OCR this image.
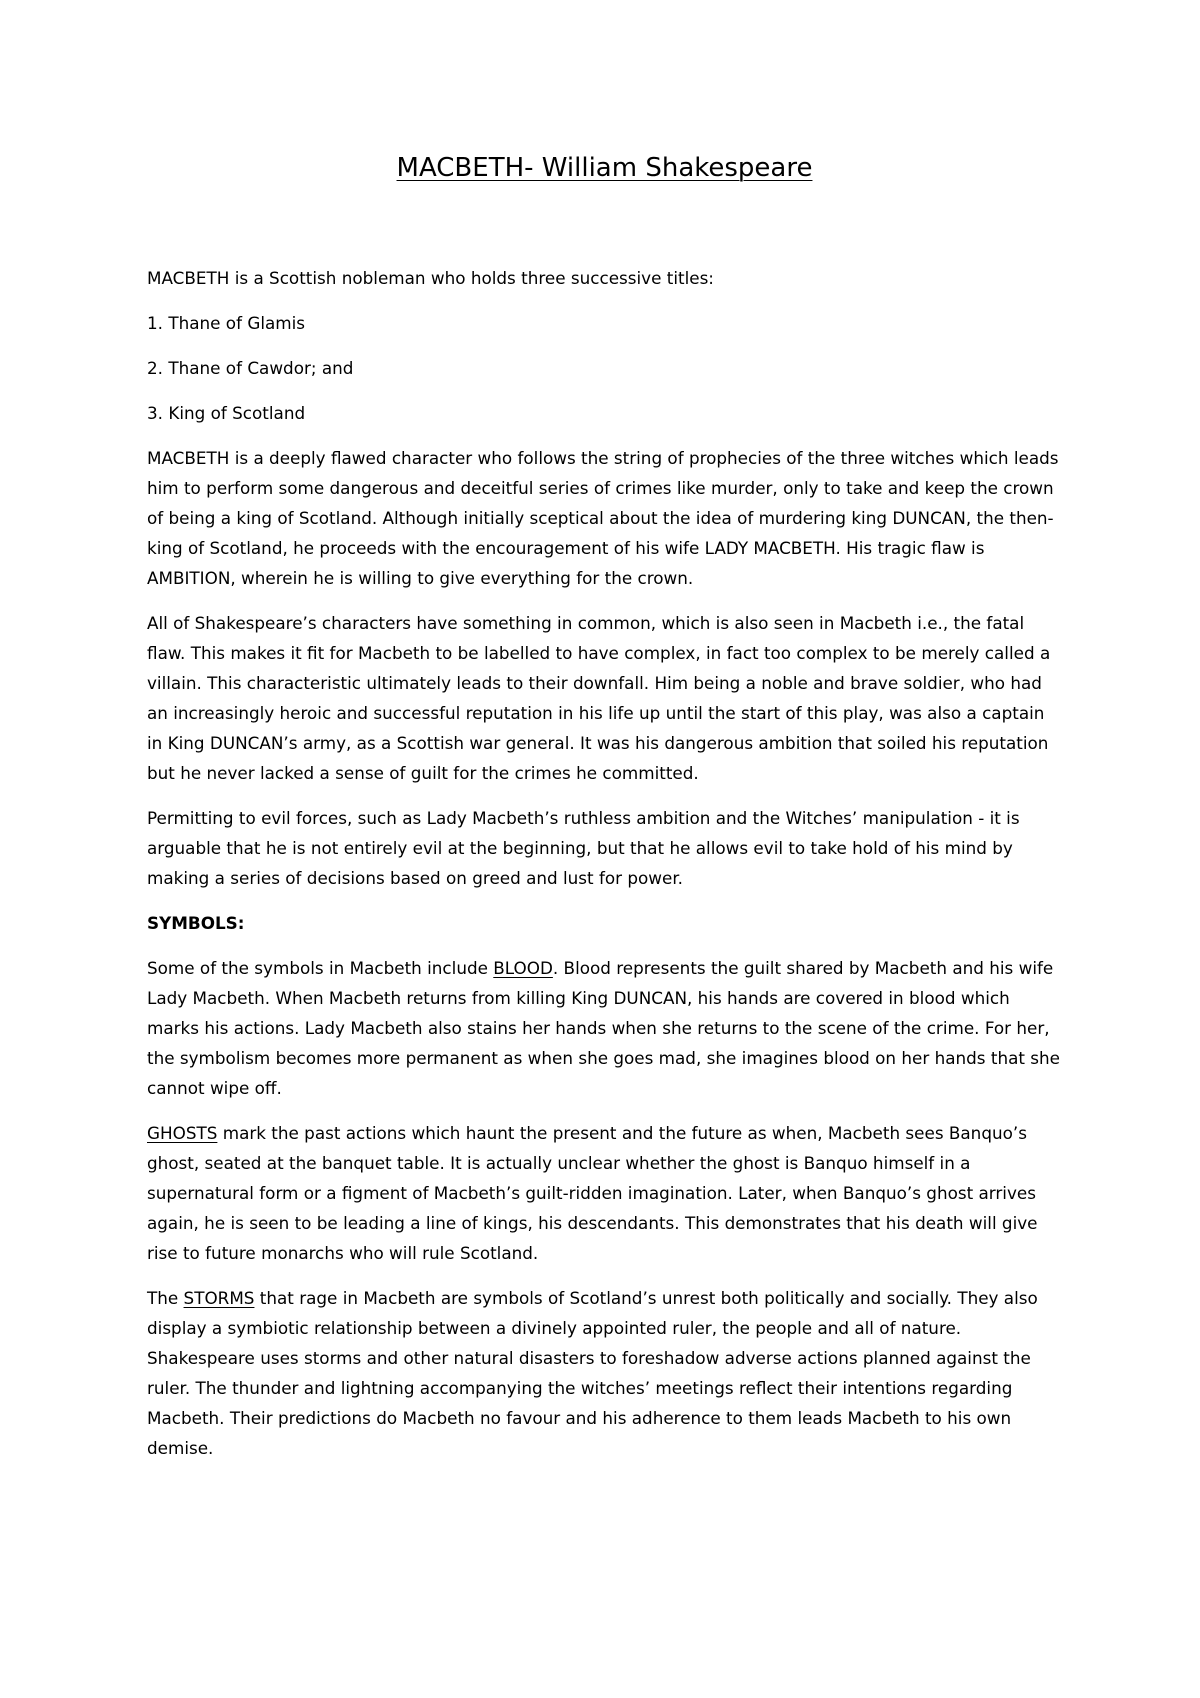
MACBETH- William Shakespeare

MACBETH is a Scottish nobleman who holds three successive titles:

1. Thane of Glamis

2. Thane of Cawdor; and

3. King of Scotland

MACBETH is a deeply flawed character who follows the string of prophecies of the three witches which leads him to perform some dangerous and deceitful series of crimes like murder, only to take and keep the crown of being a king of Scotland. Although initially sceptical about the idea of murdering king DUNCAN, the then-king of Scotland, he proceeds with the encouragement of his wife LADY MACBETH. His tragic flaw is AMBITION, wherein he is willing to give everything for the crown.

All of Shakespeare’s characters have something in common, which is also seen in Macbeth i.e., the fatal flaw. This makes it fit for Macbeth to be labelled to have complex, in fact too complex to be merely called a villain. This characteristic ultimately leads to their downfall. Him being a noble and brave soldier, who had an increasingly heroic and successful reputation in his life up until the start of this play, was also a captain in King DUNCAN’s army, as a Scottish war general. It was his dangerous ambition that soiled his reputation but he never lacked a sense of guilt for the crimes he committed.

Permitting to evil forces, such as Lady Macbeth’s ruthless ambition and the Witches’ manipulation - it is arguable that he is not entirely evil at the beginning, but that he allows evil to take hold of his mind by making a series of decisions based on greed and lust for power.

SYMBOLS:

Some of the symbols in Macbeth include BLOOD. Blood represents the guilt shared by Macbeth and his wife Lady Macbeth. When Macbeth returns from killing King DUNCAN, his hands are covered in blood which marks his actions. Lady Macbeth also stains her hands when she returns to the scene of the crime. For her, the symbolism becomes more permanent as when she goes mad, she imagines blood on her hands that she cannot wipe off.

GHOSTS mark the past actions which haunt the present and the future as when, Macbeth sees Banquo’s ghost, seated at the banquet table. It is actually unclear whether the ghost is Banquo himself in a supernatural form or a figment of Macbeth’s guilt-ridden imagination. Later, when Banquo’s ghost arrives again, he is seen to be leading a line of kings, his descendants. This demonstrates that his death will give rise to future monarchs who will rule Scotland.

The STORMS that rage in Macbeth are symbols of Scotland’s unrest both politically and socially. They also display a symbiotic relationship between a divinely appointed ruler, the people and all of nature. Shakespeare uses storms and other natural disasters to foreshadow adverse actions planned against the ruler. The thunder and lightning accompanying the witches’ meetings reflect their intentions regarding Macbeth. Their predictions do Macbeth no favour and his adherence to them leads Macbeth to his own demise.
